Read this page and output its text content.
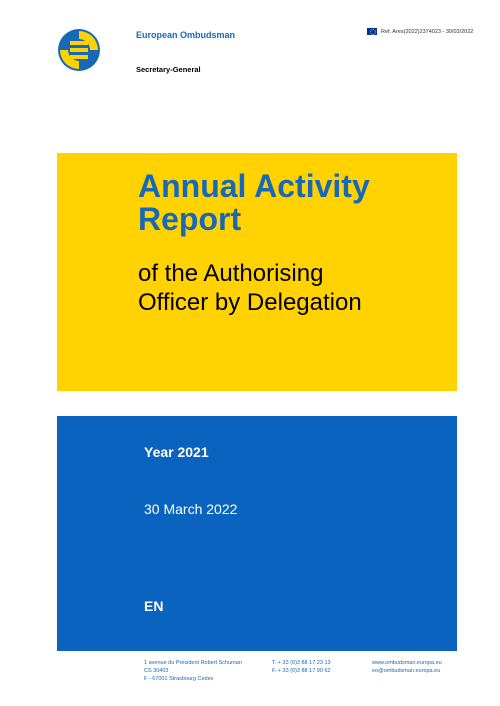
European Ombudsman
Secretary-General
Ref. Ares(2022)2374023 - 30/03/2022
Annual Activity
Report
of the Authorising
Officer by Delegation
Year 2021
30 March 2022
EN
1 avenue du Président Robert Schuman
CS 30403
F - 67001 Strasbourg Cedex
T. + 33 (0)3 88 17 23 13
F. + 33 (0)3 88 17 90 62
www.ombudsman.europa.eu
eo@ombudsman.europa.eu
